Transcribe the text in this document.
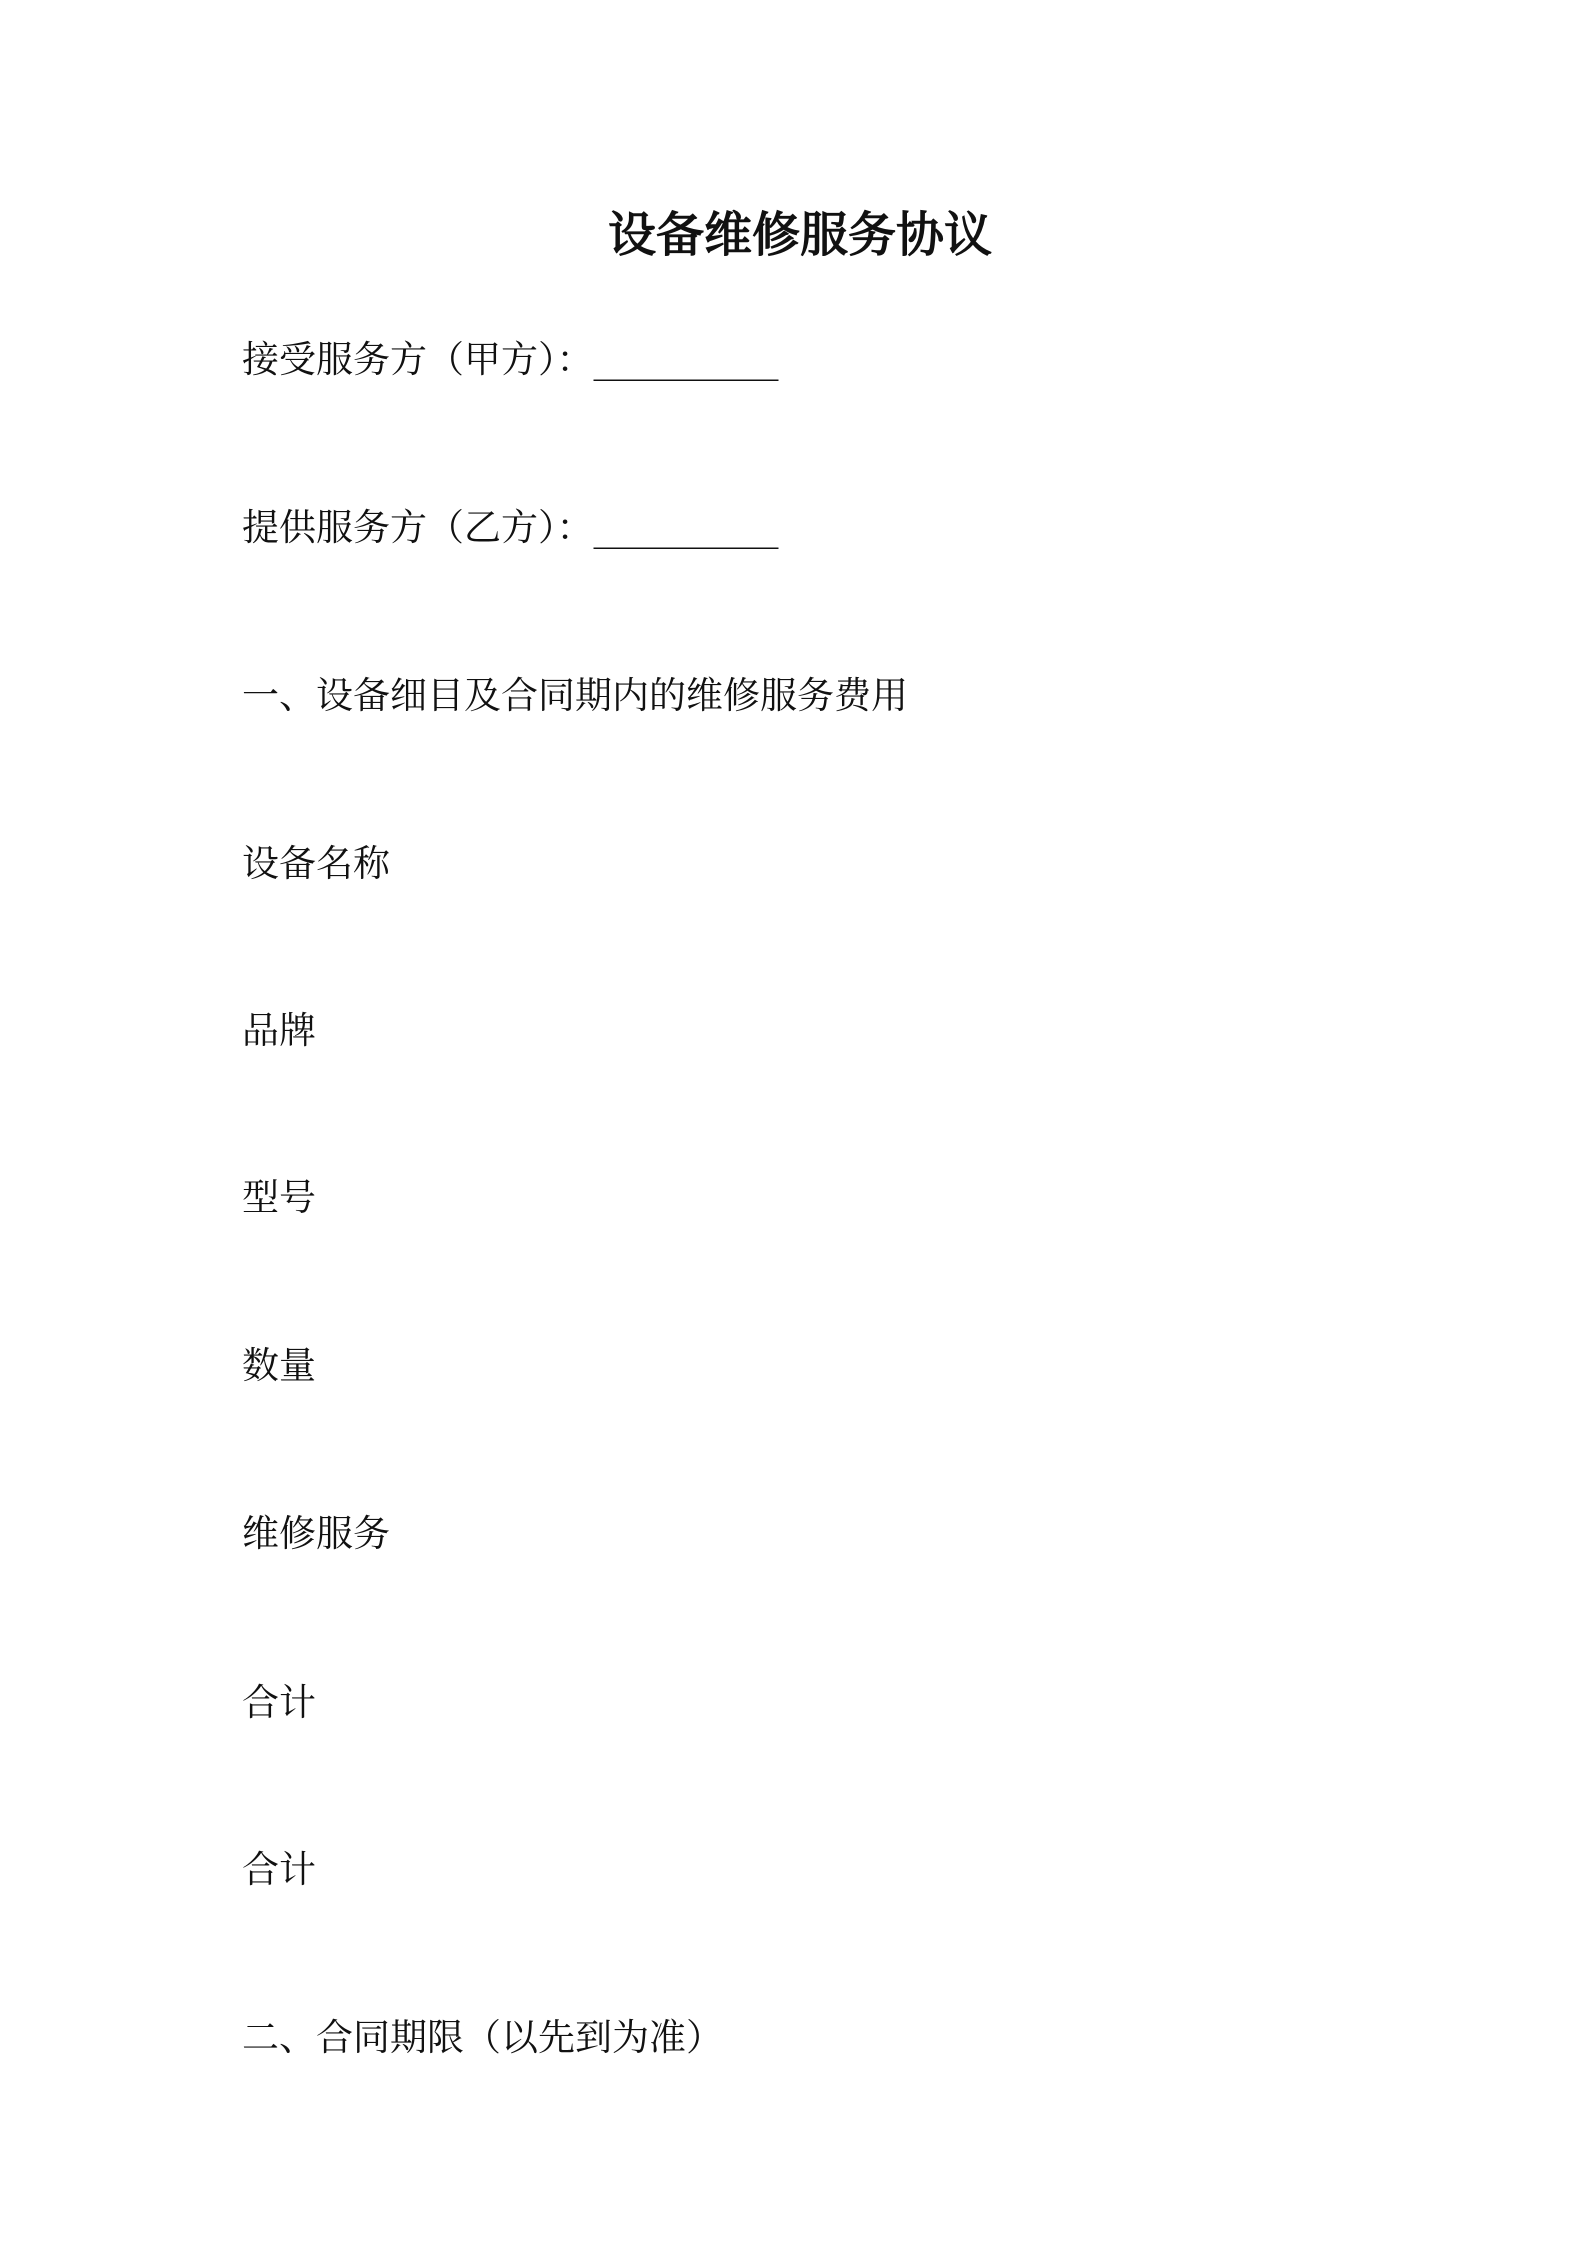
设备维修服务协议
接受服务方（甲方）：__________
提供服务方（乙方）：__________
一、设备细目及合同期内的维修服务费用
设备名称
品牌
型号
数量
维修服务
合计
合计
二、合同期限（以先到为准）
